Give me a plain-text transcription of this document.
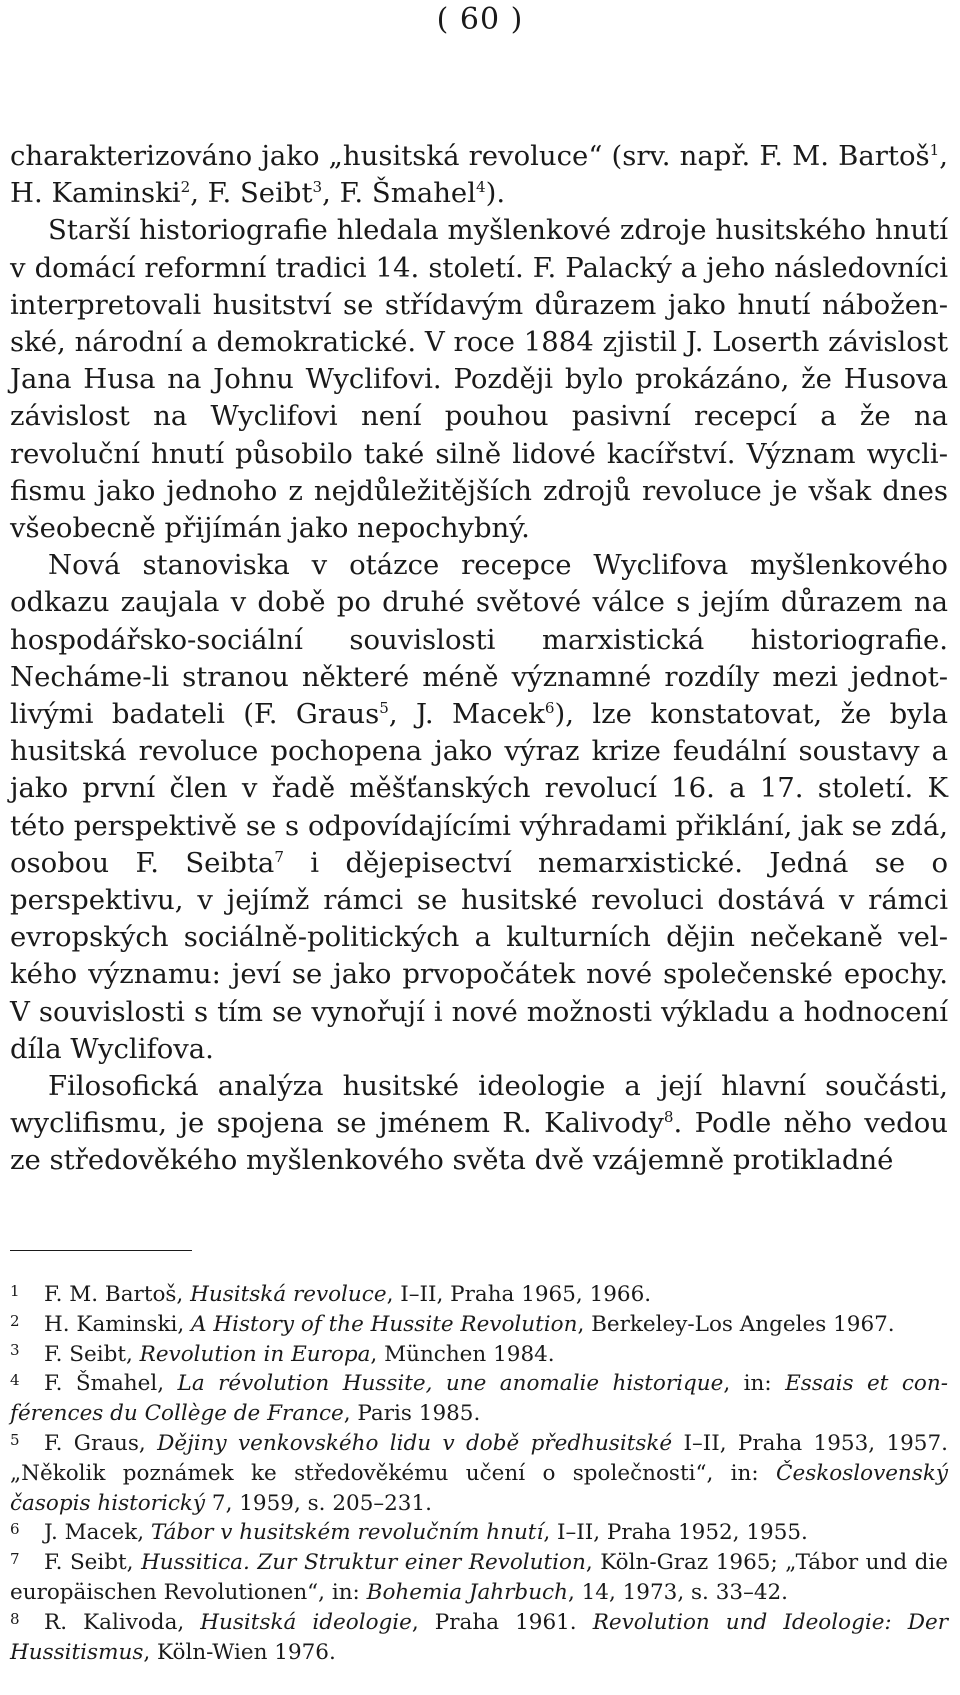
( 60 )

charakterizováno jako „husitská revoluce“ (srv. např. F. M. Bartoš$^1$, H. Kaminski$^2$, F. Seibt$^3$, F. Šmahel$^4$).

Starší historiografie hledala myšlenkové zdroje husitského hnutí v domácí reformní tradici 14. století. F. Palacký a jeho následovníci interpretovali husitství se střídavým důrazem jako hnutí náboženské, národní a demokratické. V roce 1884 zjistil J. Loserth závislost Jana Husa na Johnu Wyclifovi. Později bylo prokázáno, že Husova závislost na Wyclifovi není pouhou pasivní recepcí a že na revoluční hnutí působilo také silně lidové kacířství. Význam wyclifismu jako jednoho z nejdůležitějších zdrojů revoluce je však dnes všeobecně přijímán jako nepochybný.

Nová stanoviska v otázce recepce Wyclifova myšlenkového odkazu zaujala v době po druhé světové válce s jejím důrazem na hospodářsko-sociální souvislosti marxistická historiografie. Necháme-li stranou některé méně významné rozdíly mezi jednotlivými badateli (F. Graus$^5$, J. Macek$^6$), lze konstatovat, že byla husitská revoluce pochopena jako výraz krize feudální soustavy a jako první člen v řadě měšťanských revolucí 16. a 17. století. K této perspektivě se s odpovídajícími výhradami přiklání, jak se zdá, osobou F. Seibta$^7$ i dějepisectví nemarxistické. Jedná se o perspektivu, v jejímž rámci se husitské revoluci dostává v rámci evropských sociálně-politických a kulturních dějin nečekaně velkého významu: jeví se jako prvopočátek nové společenské epochy. V souvislosti s tím se vynořují i nové možnosti výkladu a hodnocení díla Wyclifova.

Filosofická analýza husitské ideologie a její hlavní součásti, wyclifismu, je spojena se jménem R. Kalivody$^8$. Podle něho vedou ze středověkého myšlenkového světa dvě vzájemně protikladné

1 F. M. Bartoš, Husitská revoluce, I–II, Praha 1965, 1966.

2 H. Kaminski, A History of the Hussite Revolution, Berkeley-Los Angeles 1967.

3 F. Seibt, Revolution in Europa, München 1984.

4 F. Šmahel, La révolution Hussite, une anomalie historique, in: Essais et conférences du Collège de France, Paris 1985.

5 F. Graus, Dějiny venkovského lidu v době předhusitské I–II, Praha 1953, 1957. „Několik poznámek ke středověkému učení o společnosti“, in: Československý časopis historický 7, 1959, s. 205–231.

6 J. Macek, Tábor v husitském revolučním hnutí, I–II, Praha 1952, 1955.

7 F. Seibt, Hussitica. Zur Struktur einer Revolution, Köln-Graz 1965; „Tábor und die europäischen Revolutionen“, in: Bohemia Jahrbuch, 14, 1973, s. 33–42.

8 R. Kalivoda, Husitská ideologie, Praha 1961. Revolution und Ideologie: Der Hussitismus, Köln-Wien 1976.
